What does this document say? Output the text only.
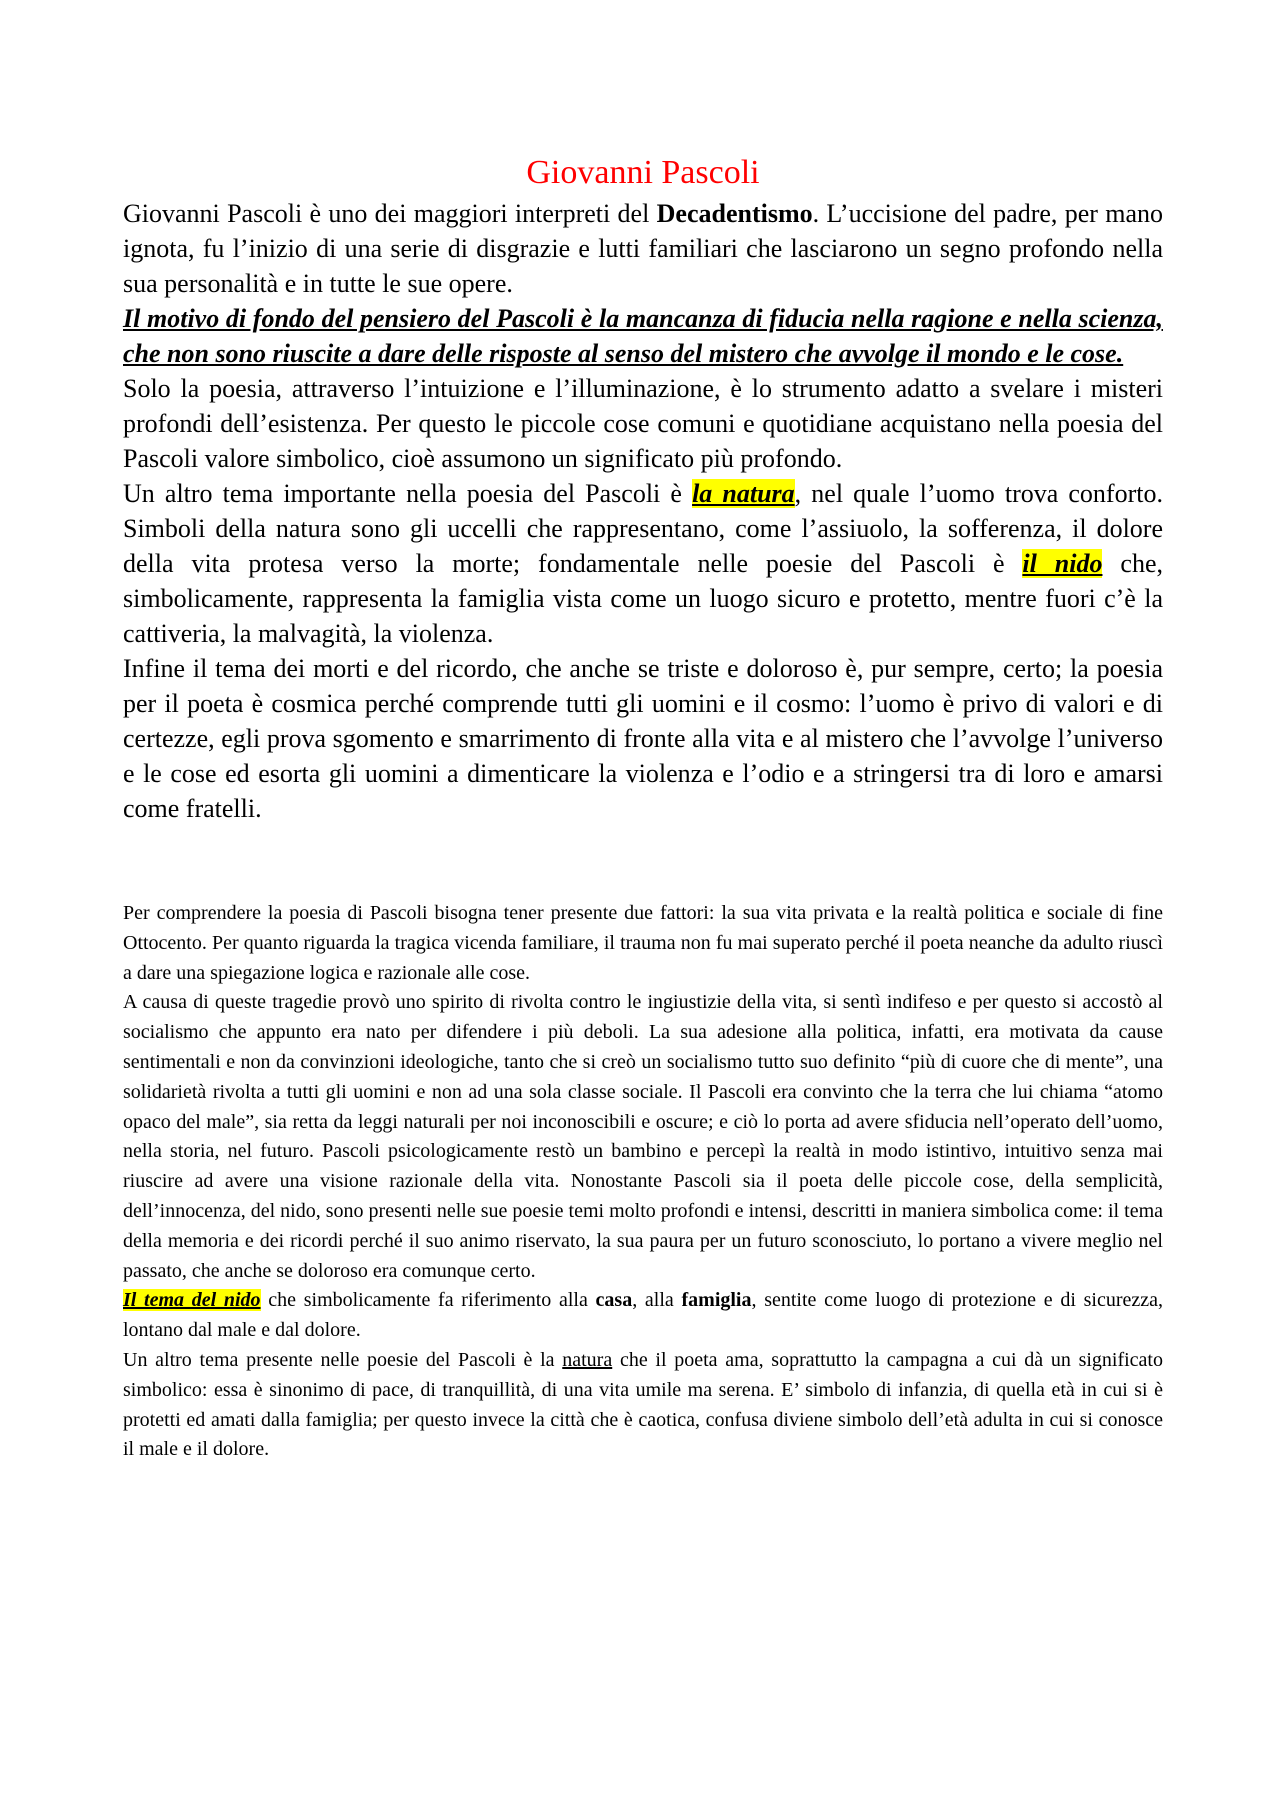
Giovanni Pascoli

Giovanni Pascoli è uno dei maggiori interpreti del Decadentismo. L’uccisione del padre, per mano ignota, fu l’inizio di una serie di disgrazie e lutti familiari che lasciarono un segno profondo nella sua personalità e in tutte le sue opere.

Il motivo di fondo del pensiero del Pascoli è la mancanza di fiducia nella ragione e nella scienza, che non sono riuscite a dare delle risposte al senso del mistero che avvolge il mondo e le cose.

Solo la poesia, attraverso l’intuizione e l’illuminazione, è lo strumento adatto a svelare i misteri profondi dell’esistenza. Per questo le piccole cose comuni e quotidiane acquistano nella poesia del Pascoli valore simbolico, cioè assumono un significato più profondo.

Un altro tema importante nella poesia del Pascoli è la natura, nel quale l’uomo trova conforto. Simboli della natura sono gli uccelli che rappresentano, come l’assiuolo, la sofferenza, il dolore della vita protesa verso la morte; fondamentale nelle poesie del Pascoli è il nido che, simbolicamente, rappresenta la famiglia vista come un luogo sicuro e protetto, mentre fuori c’è la cattiveria, la malvagità, la violenza.

Infine il tema dei morti e del ricordo, che anche se triste e doloroso è, pur sempre, certo; la poesia per il poeta è cosmica perché comprende tutti gli uomini e il cosmo: l’uomo è privo di valori e di certezze, egli prova sgomento e smarrimento di fronte alla vita e al mistero che l’avvolge l’universo e le cose ed esorta gli uomini a dimenticare la violenza e l’odio e a stringersi tra di loro e amarsi come fratelli.

Per comprendere la poesia di Pascoli bisogna tener presente due fattori: la sua vita privata e la realtà politica e sociale di fine Ottocento. Per quanto riguarda la tragica vicenda familiare, il trauma non fu mai superato perché il poeta neanche da adulto riuscì a dare una spiegazione logica e razionale alle cose.

A causa di queste tragedie provò uno spirito di rivolta contro le ingiustizie della vita, si sentì indifeso e per questo si accostò al socialismo che appunto era nato per difendere i più deboli. La sua adesione alla politica, infatti, era motivata da cause sentimentali e non da convinzioni ideologiche, tanto che si creò un socialismo tutto suo definito “più di cuore che di mente”, una solidarietà rivolta a tutti gli uomini e non ad una sola classe sociale. Il Pascoli era convinto che la terra che lui chiama “atomo opaco del male”, sia retta da leggi naturali per noi inconoscibili e oscure; e ciò lo porta ad avere sfiducia nell’operato dell’uomo, nella storia, nel futuro. Pascoli psicologicamente restò un bambino e percepì la realtà in modo istintivo, intuitivo senza mai riuscire ad avere una visione razionale della vita. Nonostante Pascoli sia il poeta delle piccole cose, della semplicità, dell’innocenza, del nido, sono presenti nelle sue poesie temi molto profondi e intensi, descritti in maniera simbolica come: il tema della memoria e dei ricordi perché il suo animo riservato, la sua paura per un futuro sconosciuto, lo portano a vivere meglio nel passato, che anche se doloroso era comunque certo.

Il tema del nido che simbolicamente fa riferimento alla casa, alla famiglia, sentite come luogo di protezione e di sicurezza, lontano dal male e dal dolore.

Un altro tema presente nelle poesie del Pascoli è la natura che il poeta ama, soprattutto la campagna a cui dà un significato simbolico: essa è sinonimo di pace, di tranquillità, di una vita umile ma serena. E’ simbolo di infanzia, di quella età in cui si è protetti ed amati dalla famiglia; per questo invece la città che è caotica, confusa diviene simbolo dell’età adulta in cui si conosce il male e il dolore.
